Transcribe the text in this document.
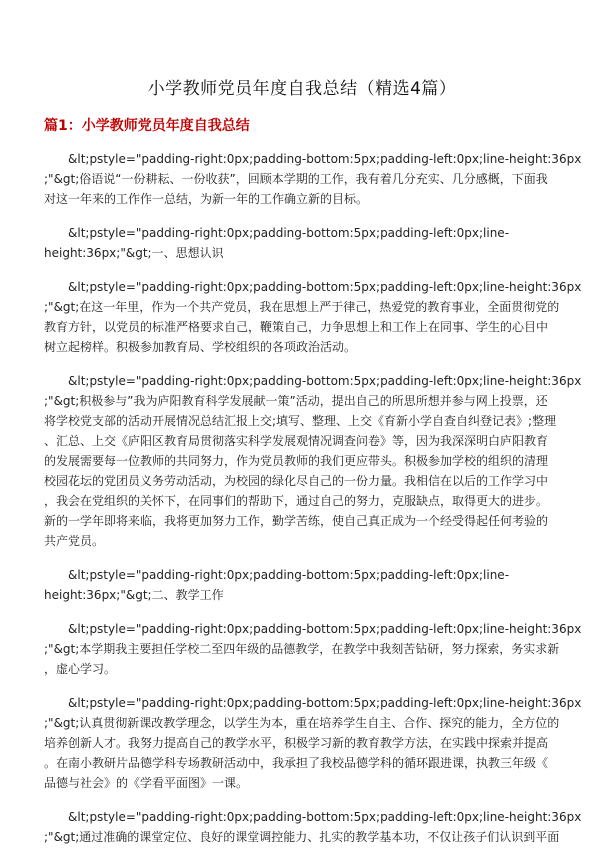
小学教师党员年度自我总结（精选4篇）
篇1：小学教师党员年度自我总结
&lt;pstyle="padding-right:0px;padding-bottom:5px;padding-left:0px;line-height:36px
;"&gt;俗语说“一份耕耘、一份收获”，回顾本学期的工作，我有着几分充实、几分感概，下面我
对这一年来的工作作一总结，为新一年的工作确立新的目标。
&lt;pstyle="padding-right:0px;padding-bottom:5px;padding-left:0px;line-
height:36px;"&gt;一、思想认识
&lt;pstyle="padding-right:0px;padding-bottom:5px;padding-left:0px;line-height:36px
;"&gt;在这一年里，作为一个共产党员，我在思想上严于律己，热爱党的教育事业，全面贯彻党的
教育方针，以党员的标准严格要求自己，鞭策自己，力争思想上和工作上在同事、学生的心目中
树立起榜样。积极参加教育局、学校组织的各项政治活动。
&lt;pstyle="padding-right:0px;padding-bottom:5px;padding-left:0px;line-height:36px
;"&gt;积极参与”我为庐阳教育科学发展献一策”活动，提出自己的所思所想并参与网上投票，还
将学校党支部的活动开展情况总结汇报上交;填写、整理、上交《育新小学自查自纠登记表》;整理
、汇总、上交《庐阳区教育局贯彻落实科学发展观情况调查问卷》等，因为我深深明白庐阳教育
的发展需要每一位教师的共同努力，作为党员教师的我们更应带头。积极参加学校的组织的清理
校园花坛的党团员义务劳动活动，为校园的绿化尽自己的一份力量。我相信在以后的工作学习中
，我会在党组织的关怀下，在同事们的帮助下，通过自己的努力，克服缺点，取得更大的进步。
新的一学年即将来临，我将更加努力工作，勤学苦练，使自己真正成为一个经受得起任何考验的
共产党员。
&lt;pstyle="padding-right:0px;padding-bottom:5px;padding-left:0px;line-
height:36px;"&gt;二、教学工作
&lt;pstyle="padding-right:0px;padding-bottom:5px;padding-left:0px;line-height:36px
;"&gt;本学期我主要担任学校二至四年级的品德教学，在教学中我刻苦钻研，努力探索，务实求新
，虚心学习。
&lt;pstyle="padding-right:0px;padding-bottom:5px;padding-left:0px;line-height:36px
;"&gt;认真贯彻新课改教学理念，以学生为本，重在培养学生自主、合作、探究的能力，全方位的
培养创新人才。我努力提高自己的教学水平，积极学习新的教育教学方法，在实践中探索并提高
。在南小教研片品德学科专场教研活动中，我承担了我校品德学科的循环跟进课，执教三年级《
品德与社会》的《学看平面图》一课。
&lt;pstyle="padding-right:0px;padding-bottom:5px;padding-left:0px;line-height:36px
;"&gt;通过准确的课堂定位、良好的课堂调控能力、扎实的教学基本功，不仅让孩子们认识到平面
